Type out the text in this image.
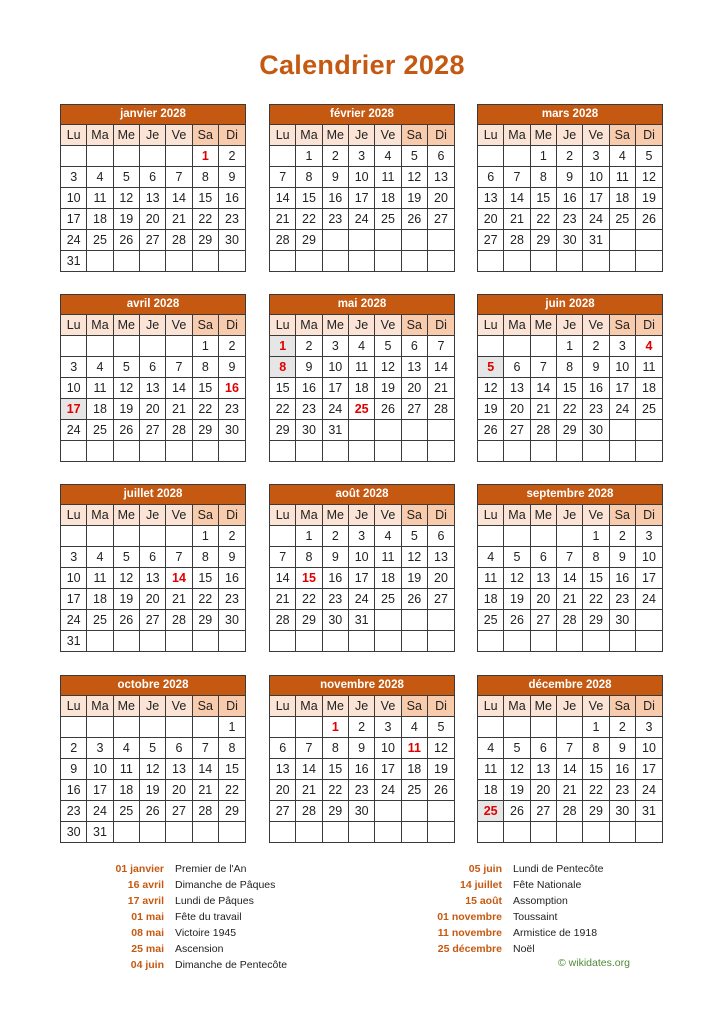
Calendrier 2028
janvier 2028						
Lu	Ma	Me	Je	Ve	Sa	Di
					1	2
3	4	5	6	7	8	9
10	11	12	13	14	15	16
17	18	19	20	21	22	23
24	25	26	27	28	29	30
31						
février 2028						
Lu	Ma	Me	Je	Ve	Sa	Di
	1	2	3	4	5	6
7	8	9	10	11	12	13
14	15	16	17	18	19	20
21	22	23	24	25	26	27
28	29					

mars 2028						
Lu	Ma	Me	Je	Ve	Sa	Di
		1	2	3	4	5
6	7	8	9	10	11	12
13	14	15	16	17	18	19
20	21	22	23	24	25	26
27	28	29	30	31		

avril 2028						
Lu	Ma	Me	Je	Ve	Sa	Di
					1	2
3	4	5	6	7	8	9
10	11	12	13	14	15	16
17	18	19	20	21	22	23
24	25	26	27	28	29	30

mai 2028						
Lu	Ma	Me	Je	Ve	Sa	Di
1	2	3	4	5	6	7
8	9	10	11	12	13	14
15	16	17	18	19	20	21
22	23	24	25	26	27	28
29	30	31				

juin 2028						
Lu	Ma	Me	Je	Ve	Sa	Di
			1	2	3	4
5	6	7	8	9	10	11
12	13	14	15	16	17	18
19	20	21	22	23	24	25
26	27	28	29	30		

juillet 2028						
Lu	Ma	Me	Je	Ve	Sa	Di
					1	2
3	4	5	6	7	8	9
10	11	12	13	14	15	16
17	18	19	20	21	22	23
24	25	26	27	28	29	30
31						
août 2028						
Lu	Ma	Me	Je	Ve	Sa	Di
	1	2	3	4	5	6
7	8	9	10	11	12	13
14	15	16	17	18	19	20
21	22	23	24	25	26	27
28	29	30	31			

septembre 2028						
Lu	Ma	Me	Je	Ve	Sa	Di
				1	2	3
4	5	6	7	8	9	10
11	12	13	14	15	16	17
18	19	20	21	22	23	24
25	26	27	28	29	30	

octobre 2028						
Lu	Ma	Me	Je	Ve	Sa	Di
						1
2	3	4	5	6	7	8
9	10	11	12	13	14	15
16	17	18	19	20	21	22
23	24	25	26	27	28	29
30	31					
novembre 2028						
Lu	Ma	Me	Je	Ve	Sa	Di
		1	2	3	4	5
6	7	8	9	10	11	12
13	14	15	16	17	18	19
20	21	22	23	24	25	26
27	28	29	30			

décembre 2028						
Lu	Ma	Me	Je	Ve	Sa	Di
				1	2	3
4	5	6	7	8	9	10
11	12	13	14	15	16	17
18	19	20	21	22	23	24
25	26	27	28	29	30	31

01 janvier	Premier de l'An
16 avril	Dimanche de Pâques
17 avril	Lundi de Pâques
01 mai	Fête du travail
08 mai	Victoire 1945
25 mai	Ascension
04 juin	Dimanche de Pentecôte
05 juin	Lundi de Pentecôte
14 juillet	Fête Nationale
15 août	Assomption
01 novembre	Toussaint
11 novembre	Armistice de 1918
25 décembre	Noël
© wikidates.org
